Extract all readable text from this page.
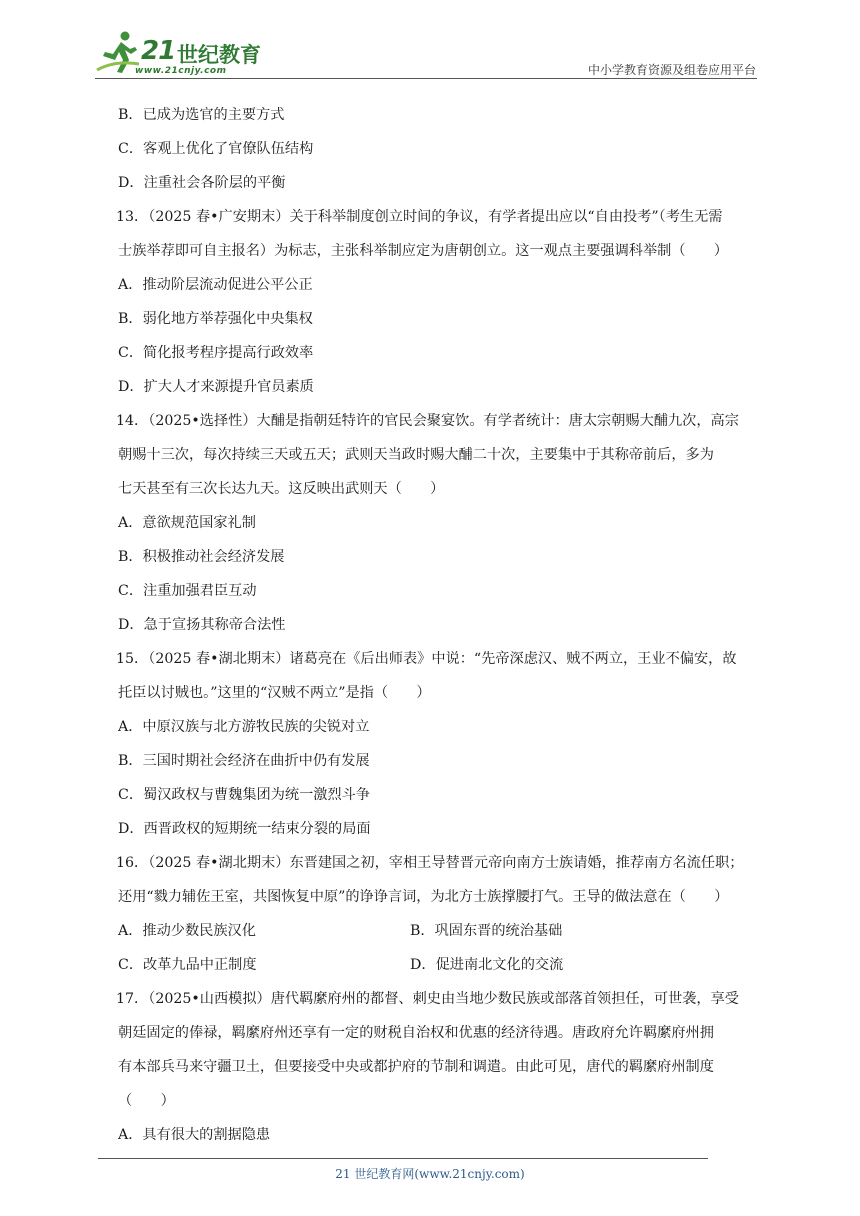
21 世纪教育
www.21cnjy.com	中小学教育资源及组卷应用平台
B．已成为选官的主要方式
C．客观上优化了官僚队伍结构
D．注重社会各阶层的平衡
13．（2025 春•广安期末）关于科举制度创立时间的争议，有学者提出应以“自由投考”（考生无需
士族举荐即可自主报名）为标志，主张科举制应定为唐朝创立。这一观点主要强调科举制（　　）
A．推动阶层流动促进公平公正
B．弱化地方举荐强化中央集权
C．简化报考程序提高行政效率
D．扩大人才来源提升官员素质
14．（2025•选择性）大酺是指朝廷特许的官民会聚宴饮。有学者统计：唐太宗朝赐大酺九次，高宗
朝赐十三次，每次持续三天或五天；武则天当政时赐大酺二十次，主要集中于其称帝前后，多为
七天甚至有三次长达九天。这反映出武则天（　　）
A．意欲规范国家礼制
B．积极推动社会经济发展
C．注重加强君臣互动
D．急于宣扬其称帝合法性
15．（2025 春•湖北期末）诸葛亮在《后出师表》中说：“先帝深虑汉、贼不两立，王业不偏安，故
托臣以讨贼也。”这里的“汉贼不两立”是指（　　）
A．中原汉族与北方游牧民族的尖锐对立
B．三国时期社会经济在曲折中仍有发展
C．蜀汉政权与曹魏集团为统一激烈斗争
D．西晋政权的短期统一结束分裂的局面
16．（2025 春•湖北期末）东晋建国之初，宰相王导替晋元帝向南方士族请婚，推荐南方名流任职；
还用“戮力辅佐王室，共图恢复中原”的诤诤言词，为北方士族撑腰打气。王导的做法意在（　　）
A．推动少数民族汉化	B．巩固东晋的统治基础
C．改革九品中正制度	D．促进南北文化的交流
17．（2025•山西模拟）唐代羁縻府州的都督、刺史由当地少数民族或部落首领担任，可世袭，享受
朝廷固定的俸禄，羁縻府州还享有一定的财税自治权和优惠的经济待遇。唐政府允许羁縻府州拥
有本部兵马来守疆卫土，但要接受中央或都护府的节制和调遣。由此可见，唐代的羁縻府州制度
（　　）
A．具有很大的割据隐患
21 世纪教育网(www.21cnjy.com)
